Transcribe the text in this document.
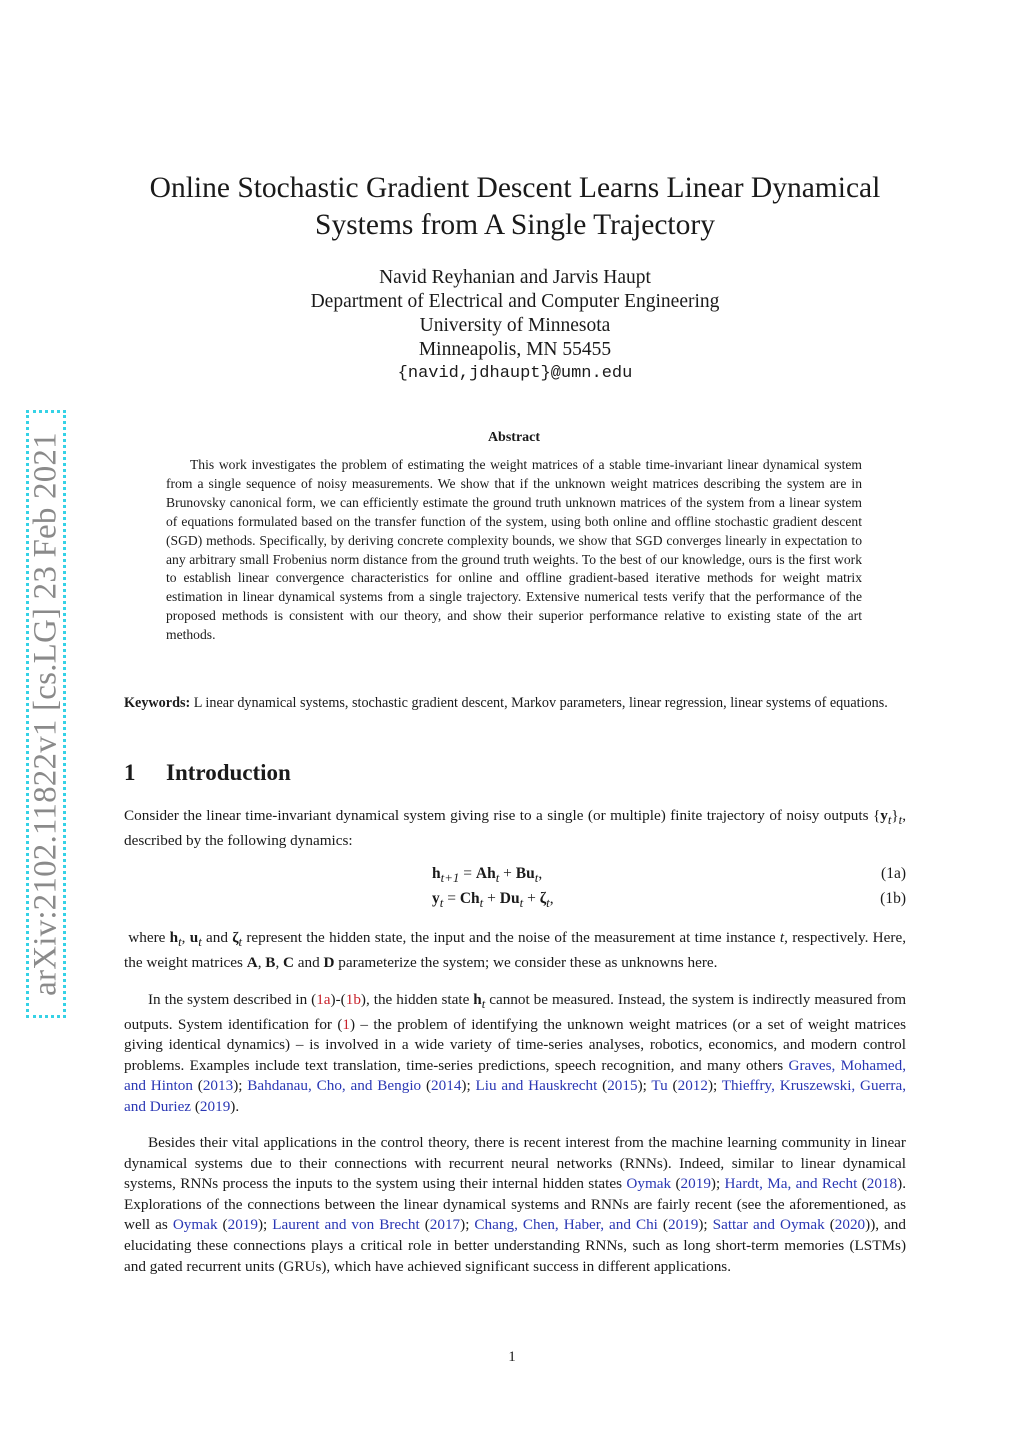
arXiv:2102.11822v1 [cs.LG] 23 Feb 2021
Online Stochastic Gradient Descent Learns Linear Dynamical Systems from A Single Trajectory
Navid Reyhanian and Jarvis Haupt
Department of Electrical and Computer Engineering
University of Minnesota
Minneapolis, MN 55455
{navid,jdhaupt}@umn.edu
Abstract
This work investigates the problem of estimating the weight matrices of a stable time-invariant linear dynamical system from a single sequence of noisy measurements. We show that if the unknown weight matrices describing the system are in Brunovsky canonical form, we can efficiently estimate the ground truth unknown matrices of the system from a linear system of equations formulated based on the transfer function of the system, using both online and offline stochastic gradient descent (SGD) methods. Specifically, by deriving concrete complexity bounds, we show that SGD converges linearly in expectation to any arbitrary small Frobenius norm distance from the ground truth weights. To the best of our knowledge, ours is the first work to establish linear convergence characteristics for online and offline gradient-based iterative methods for weight matrix estimation in linear dynamical systems from a single trajectory. Extensive numerical tests verify that the performance of the proposed methods is consistent with our theory, and show their superior performance relative to existing state of the art methods.
Keywords: L inear dynamical systems, stochastic gradient descent, Markov parameters, linear regression, linear systems of equations.
1 Introduction

Consider the linear time-invariant dynamical system giving rise to a single (or multiple) finite trajectory of noisy outputs $\{y_t\}_t$, described by the following dynamics:

$h_{t+1} = Ah_t + Bu_t$,	(1a)
$y_t = Ch_t + Du_t + \zeta_t$,	(1b)

where $h_t$, $u_t$ and $\zeta_t$ represent the hidden state, the input and the noise of the measurement at time instance t, respectively. Here, the weight matrices A, B, C and D parameterize the system; we consider these as unknowns here.

In the system described in (1a)-(1b), the hidden state $h_t$ cannot be measured. Instead, the system is indirectly measured from outputs. System identification for (1) – the problem of identifying the unknown weight matrices (or a set of weight matrices giving identical dynamics) – is involved in a wide variety of time-series analyses, robotics, economics, and modern control problems. Examples include text translation, time-series predictions, speech recognition, and many others Graves, Mohamed, and Hinton (2013); Bahdanau, Cho, and Bengio (2014); Liu and Hauskrecht (2015); Tu (2012); Thieffry, Kruszewski, Guerra, and Duriez (2019).

Besides their vital applications in the control theory, there is recent interest from the machine learning community in linear dynamical systems due to their connections with recurrent neural networks (RNNs). Indeed, similar to linear dynamical systems, RNNs process the inputs to the system using their internal hidden states Oymak (2019); Hardt, Ma, and Recht (2018). Explorations of the connections between the linear dynamical systems and RNNs are fairly recent (see the aforementioned, as well as Oymak (2019); Laurent and von Brecht (2017); Chang, Chen, Haber, and Chi (2019); Sattar and Oymak (2020)), and elucidating these connections plays a critical role in better understanding RNNs, such as long short-term memories (LSTMs) and gated recurrent units (GRUs), which have achieved significant success in different applications.

1
